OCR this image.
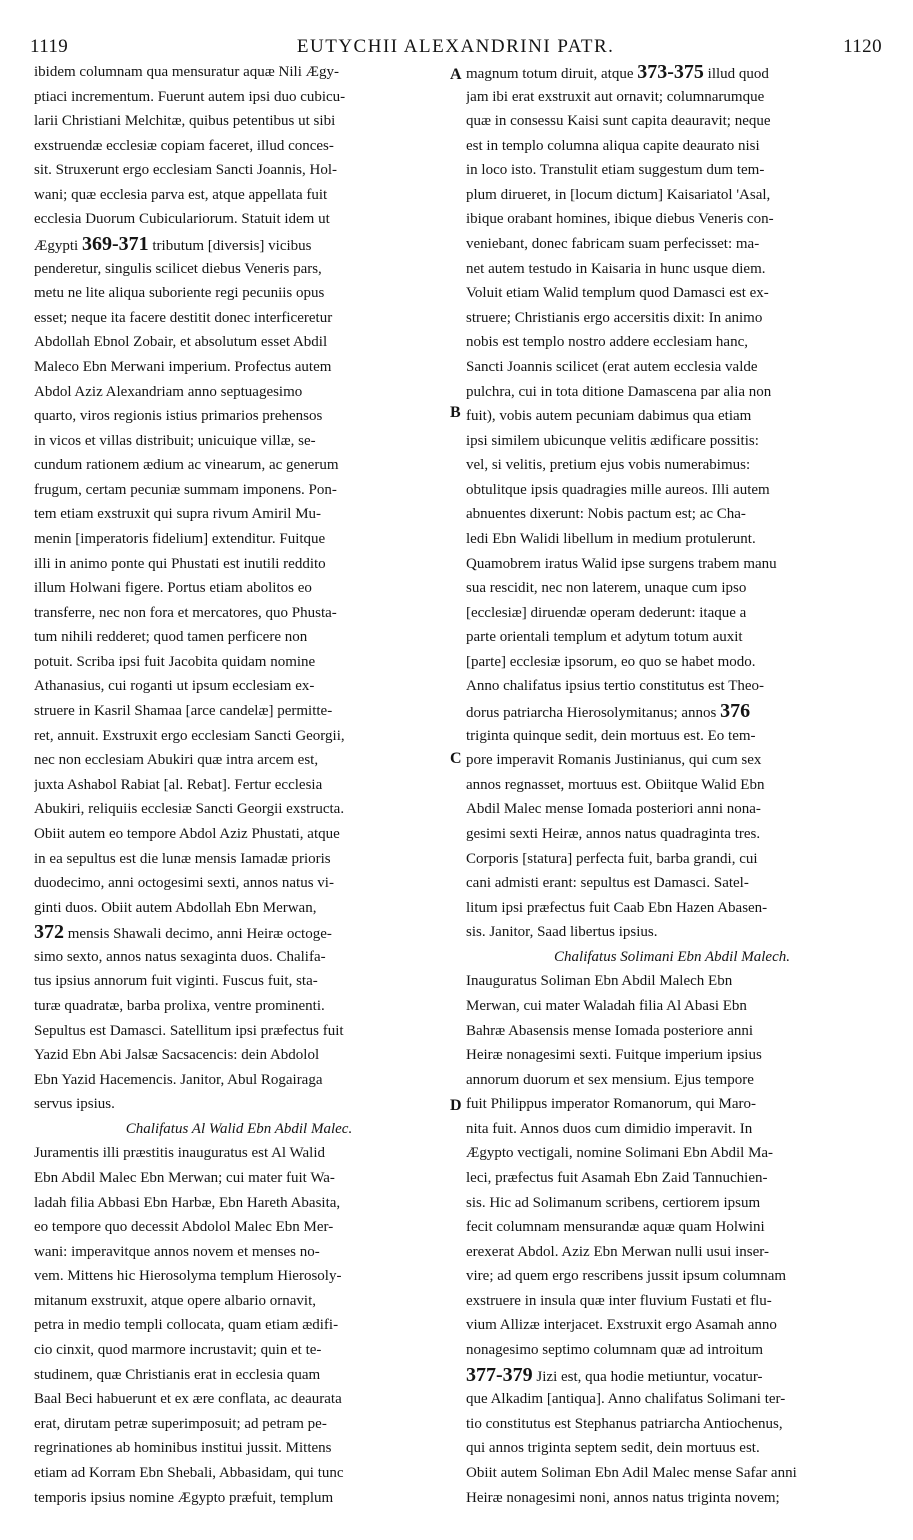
1119	EUTYCHII ALEXANDRINI PATR.	1120
ibidem columnam qua mensuratur aquæ Nili Ægy-
ptiaci incrementum. Fuerunt autem ipsi duo cubicu-
larii Christiani Melchitæ, quibus petentibus ut sibi
exstruendæ ecclesiæ copiam faceret, illud conces-
sit. Struxerunt ergo ecclesiam Sancti Joannis, Hol-
wani; quæ ecclesia parva est, atque appellata fuit
ecclesia Duorum Cubiculariorum. Statuit idem ut
Ægypti 369-371 tributum [diversis] vicibus
penderetur, singulis scilicet diebus Veneris pars,
metu ne lite aliqua suboriente regi pecuniis opus
esset; neque ita facere destitit donec interficeretur
Abdollah Ebnol Zobair, et absolutum esset Abdil
Maleco Ebn Merwani imperium. Profectus autem
Abdol Aziz Alexandriam anno septuagesimo
quarto, viros regionis istius primarios prehensos
in vicos et villas distribuit; unicuique villæ, se-
cundum rationem ædium ac vinearum, ac generum
frugum, certam pecuniæ summam imponens. Pon-
tem etiam exstruxit qui supra rivum Amiril Mu-
menin [imperatoris fidelium] extenditur. Fuitque
illi in animo ponte qui Phustati est inutili reddito
illum Holwani figere. Portus etiam abolitos eo
transferre, nec non fora et mercatores, quo Phusta-
tum nihili redderet; quod tamen perficere non
potuit. Scriba ipsi fuit Jacobita quidam nomine
Athanasius, cui roganti ut ipsum ecclesiam ex-
struere in Kasril Shamaa [arce candelæ] permitte-
ret, annuit. Exstruxit ergo ecclesiam Sancti Georgii,
nec non ecclesiam Abukiri quæ intra arcem est,
juxta Ashabol Rabiat [al. Rebat]. Fertur ecclesia
Abukiri, reliquiis ecclesiæ Sancti Georgii exstructa.
Obiit autem eo tempore Abdol Aziz Phustati, atque
in ea sepultus est die lunæ mensis Iamadæ prioris
duodecimo, anni octogesimi sexti, annos natus vi-
ginti duos. Obiit autem Abdollah Ebn Merwan,
372 mensis Shawali decimo, anni Heiræ octoge-
simo sexto, annos natus sexaginta duos. Chalifa-
tus ipsius annorum fuit viginti. Fuscus fuit, sta-
turæ quadratæ, barba prolixa, ventre prominenti.
Sepultus est Damasci. Satellitum ipsi præfectus fuit
Yazid Ebn Abi Jalsæ Sacsacencis: dein Abdolol
Ebn Yazid Hacemencis. Janitor, Abul Rogairaga
servus ipsius.
Chalifatus Al Walid Ebn Abdil Malec.
Juramentis illi præstitis inauguratus est Al Walid
Ebn Abdil Malec Ebn Merwan; cui mater fuit Wa-
ladah filia Abbasi Ebn Harbæ, Ebn Hareth Abasita,
eo tempore quo decessit Abdolol Malec Ebn Mer-
wani: imperavitque annos novem et menses no-
vem. Mittens hic Hierosolyma templum Hierosoly-
mitanum exstruxit, atque opere albario ornavit,
petra in medio templi collocata, quam etiam ædifi-
cio cinxit, quod marmore incrustavit; quin et te-
studinem, quæ Christianis erat in ecclesia quam
Baal Beci habuerunt et ex ære conflata, ac deaurata
erat, dirutam petræ superimposuit; ad petram pe-
regrinationes ab hominibus institui jussit. Mittens
etiam ad Korram Ebn Shebali, Abbasidam, qui tunc
temporis ipsius nomine Ægypto præfuit, templum
magnum totum diruit, atque 373-375 illud quod
jam ibi erat exstruxit aut ornavit; columnarumque
quæ in consessu Kaisi sunt capita deauravit; neque
est in templo columna aliqua capite deaurato nisi
in loco isto. Transtulit etiam suggestum dum tem-
plum dirueret, in [locum dictum] Kaisariatol 'Asal,
ibique orabant homines, ibique diebus Veneris con-
veniebant, donec fabricam suam perfecisset: ma-
net autem testudo in Kaisaria in hunc usque diem.
Voluit etiam Walid templum quod Damasci est ex-
struere; Christianis ergo accersitis dixit: In animo
nobis est templo nostro addere ecclesiam hanc,
Sancti Joannis scilicet (erat autem ecclesia valde
pulchra, cui in tota ditione Damascena par alia non
fuit), vobis autem pecuniam dabimus qua etiam
ipsi similem ubicunque velitis ædificare possitis:
vel, si velitis, pretium ejus vobis numerabimus:
obtulitque ipsis quadragies mille aureos. Illi autem
abnuentes dixerunt: Nobis pactum est; ac Cha-
ledi Ebn Walidi libellum in medium protulerunt.
Quamobrem iratus Walid ipse surgens trabem manu
sua rescidit, nec non laterem, unaque cum ipso
[ecclesiæ] diruendæ operam dederunt: itaque a
parte orientali templum et adytum totum auxit
[parte] ecclesiæ ipsorum, eo quo se habet modo.
Anno chalifatus ipsius tertio constitutus est Theo-
dorus patriarcha Hierosolymitanus; annos 376
triginta quinque sedit, dein mortuus est. Eo tem-
pore imperavit Romanis Justinianus, qui cum sex
annos regnasset, mortuus est. Obiitque Walid Ebn
Abdil Malec mense Iomada posteriori anni nona-
gesimi sexti Heiræ, annos natus quadraginta tres.
Corporis [statura] perfecta fuit, barba grandi, cui
cani admisti erant: sepultus est Damasci. Satel-
litum ipsi præfectus fuit Caab Ebn Hazen Abasen-
sis. Janitor, Saad libertus ipsius.
Chalifatus Solimani Ebn Abdil Malech.
Inauguratus Soliman Ebn Abdil Malech Ebn
Merwan, cui mater Waladah filia Al Abasi Ebn
Bahræ Abasensis mense Iomada posteriore anni
Heiræ nonagesimi sexti. Fuitque imperium ipsius
annorum duorum et sex mensium. Ejus tempore
fuit Philippus imperator Romanorum, qui Maro-
nita fuit. Annos duos cum dimidio imperavit. In
Ægypto vectigali, nomine Solimani Ebn Abdil Ma-
leci, præfectus fuit Asamah Ebn Zaid Tannuchien-
sis. Hic ad Solimanum scribens, certiorem ipsum
fecit columnam mensurandæ aquæ quam Holwini
erexerat Abdol. Aziz Ebn Merwan nulli usui inser-
vire; ad quem ergo rescribens jussit ipsum columnam
exstruere in insula quæ inter fluvium Fustati et flu-
vium Allizæ interjacet. Exstruxit ergo Asamah anno
nonagesimo septimo columnam quæ ad introitum
377-379 Jizi est, qua hodie metiuntur, vocatur-
que Alkadim [antiqua]. Anno chalifatus Solimani ter-
tio constitutus est Stephanus patriarcha Antiochenus,
qui annos triginta septem sedit, dein mortuus est.
Obiit autem Soliman Ebn Adil Malec mense Safar anni
Heiræ nonagesimi noni, annos natus triginta novem;
A
B
C
D
